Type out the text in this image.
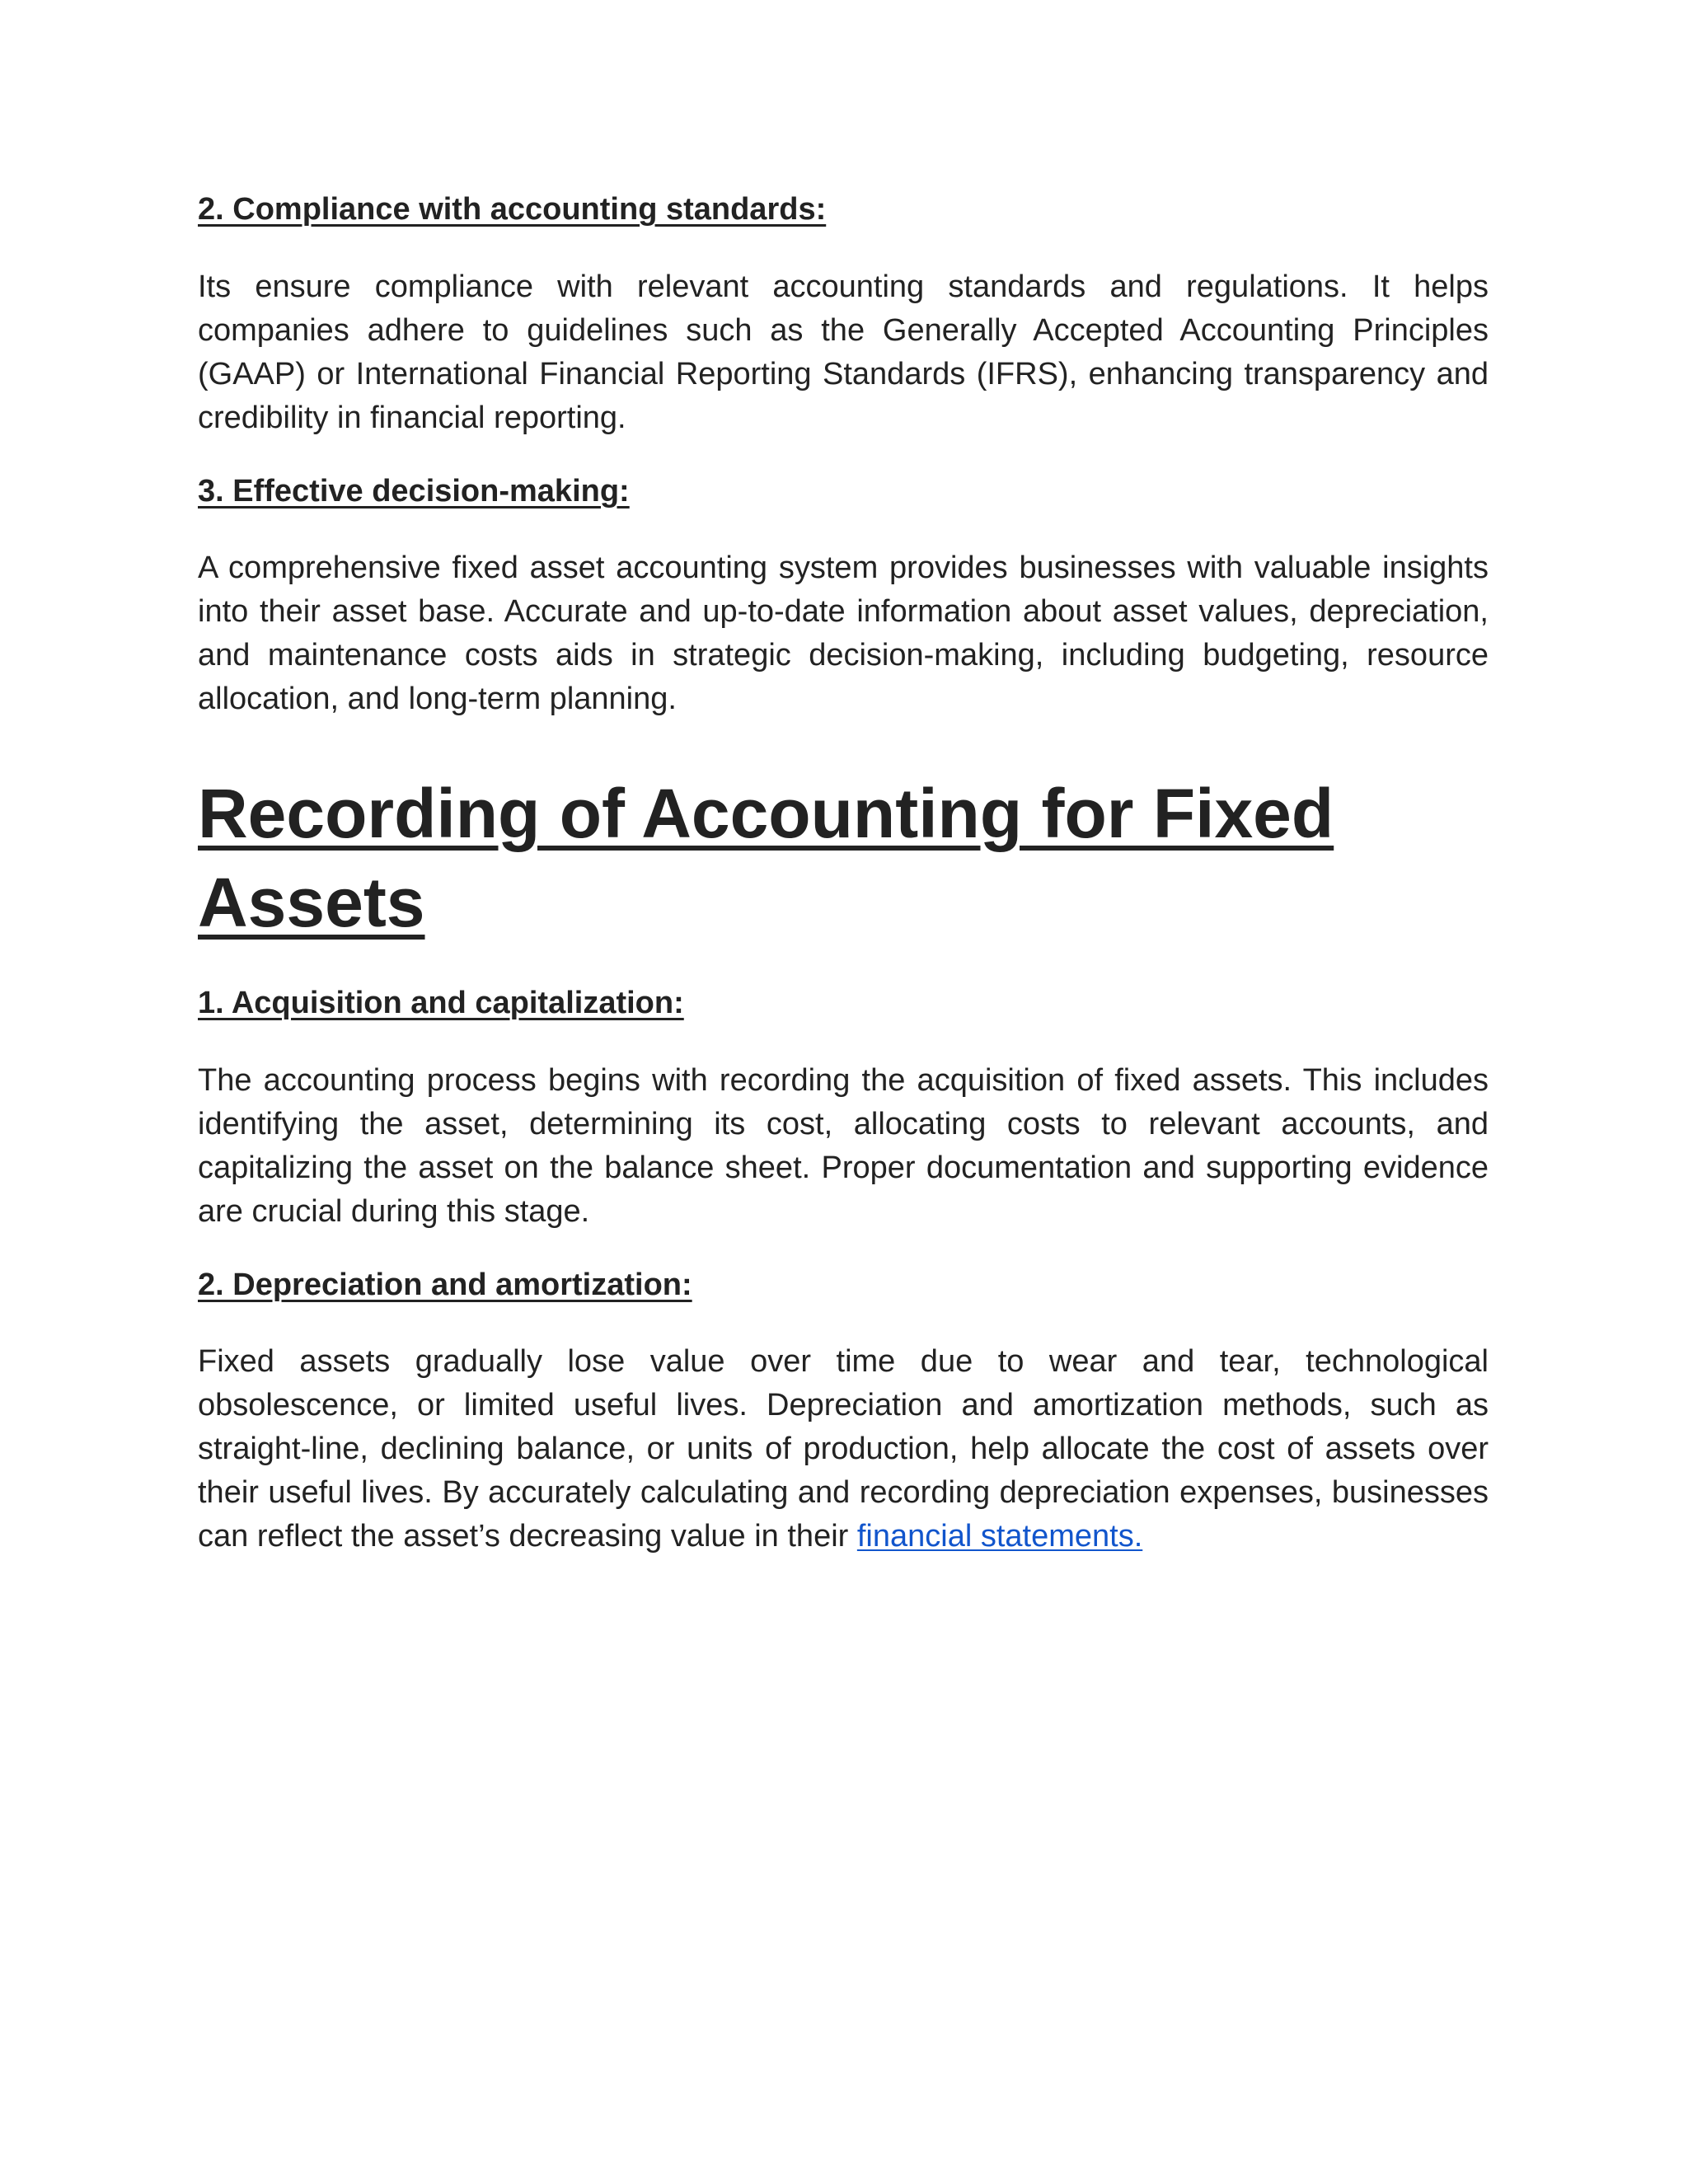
2. Compliance with accounting standards:

Its ensure compliance with relevant accounting standards and regulations. It helps companies adhere to guidelines such as the Generally Accepted Accounting Principles (GAAP) or International Financial Reporting Standards (IFRS), enhancing transparency and credibility in financial reporting.

3. Effective decision-making:

A comprehensive fixed asset accounting system provides businesses with valuable insights into their asset base. Accurate and up-to-date information about asset values, depreciation, and maintenance costs aids in strategic decision-making, including budgeting, resource allocation, and long-term planning.

Recording of Accounting for Fixed Assets
1. Acquisition and capitalization:

The accounting process begins with recording the acquisition of fixed assets. This includes identifying the asset, determining its cost, allocating costs to relevant accounts, and capitalizing the asset on the balance sheet. Proper documentation and supporting evidence are crucial during this stage.

2. Depreciation and amortization:

Fixed assets gradually lose value over time due to wear and tear, technological obsolescence, or limited useful lives. Depreciation and amortization methods, such as straight-line, declining balance, or units of production, help allocate the cost of assets over their useful lives. By accurately calculating and recording depreciation expenses, businesses can reflect the asset’s decreasing value in their financial statements.
